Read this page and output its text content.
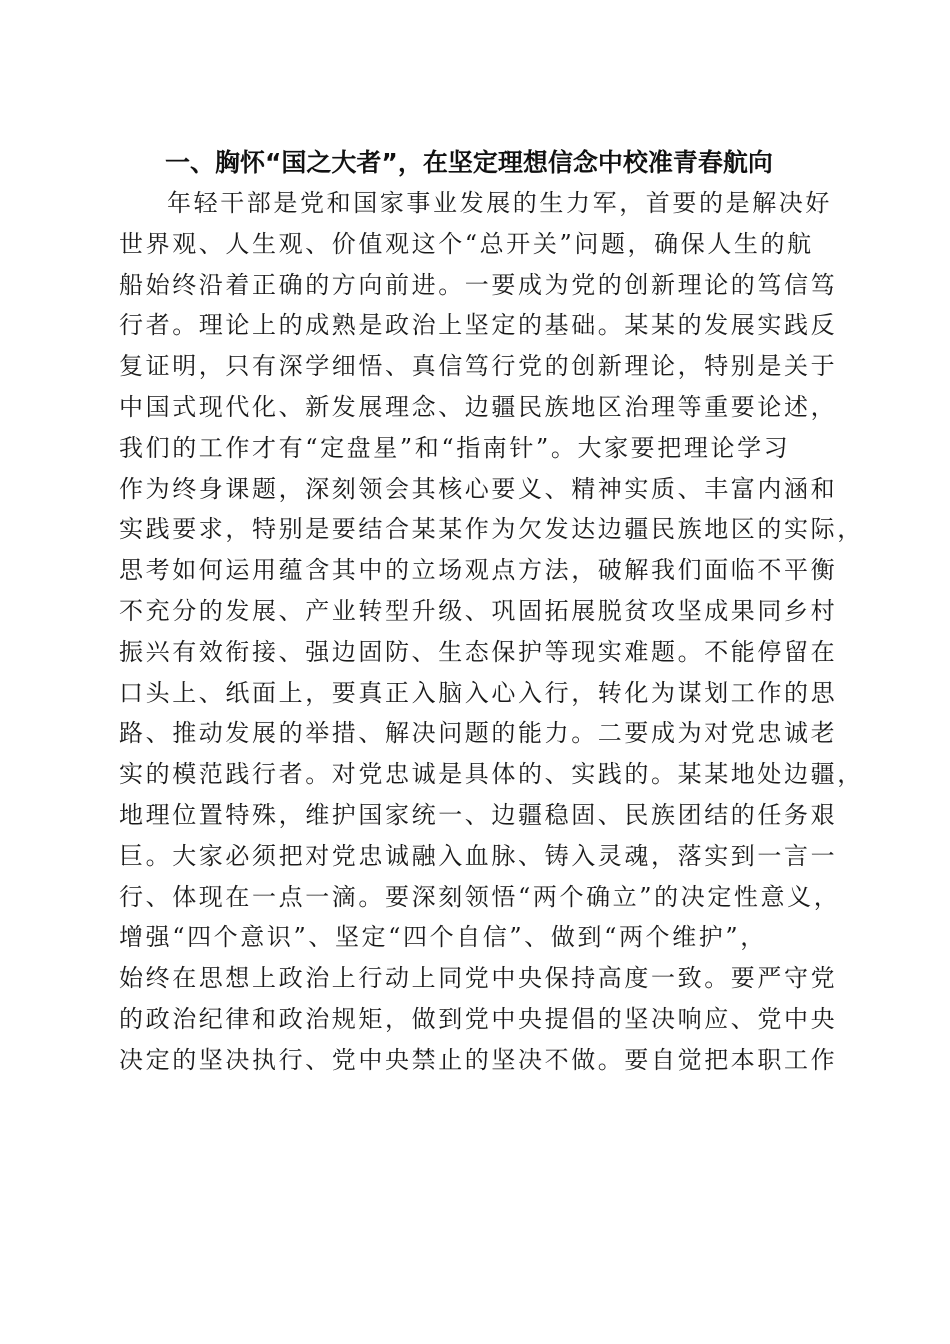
一、胸怀“国之大者”，在坚定理想信念中校准青春航向
年轻干部是党和国家事业发展的生力军，首要的是解决好
世界观、人生观、价值观这个“总开关”问题，确保人生的航
船始终沿着正确的方向前进。一要成为党的创新理论的笃信笃
行者。理论上的成熟是政治上坚定的基础。某某的发展实践反
复证明，只有深学细悟、真信笃行党的创新理论，特别是关于
中国式现代化、新发展理念、边疆民族地区治理等重要论述，
我们的工作才有“定盘星”和“指南针”。大家要把理论学习
作为终身课题，深刻领会其核心要义、精神实质、丰富内涵和
实践要求，特别是要结合某某作为欠发达边疆民族地区的实际，
思考如何运用蕴含其中的立场观点方法，破解我们面临不平衡
不充分的发展、产业转型升级、巩固拓展脱贫攻坚成果同乡村
振兴有效衔接、强边固防、生态保护等现实难题。不能停留在
口头上、纸面上，要真正入脑入心入行，转化为谋划工作的思
路、推动发展的举措、解决问题的能力。二要成为对党忠诚老
实的模范践行者。对党忠诚是具体的、实践的。某某地处边疆，
地理位置特殊，维护国家统一、边疆稳固、民族团结的任务艰
巨。大家必须把对党忠诚融入血脉、铸入灵魂，落实到一言一
行、体现在一点一滴。要深刻领悟“两个确立”的决定性意义，
增强“四个意识”、坚定“四个自信”、做到“两个维护”，
始终在思想上政治上行动上同党中央保持高度一致。要严守党
的政治纪律和政治规矩，做到党中央提倡的坚决响应、党中央
决定的坚决执行、党中央禁止的坚决不做。要自觉把本职工作
